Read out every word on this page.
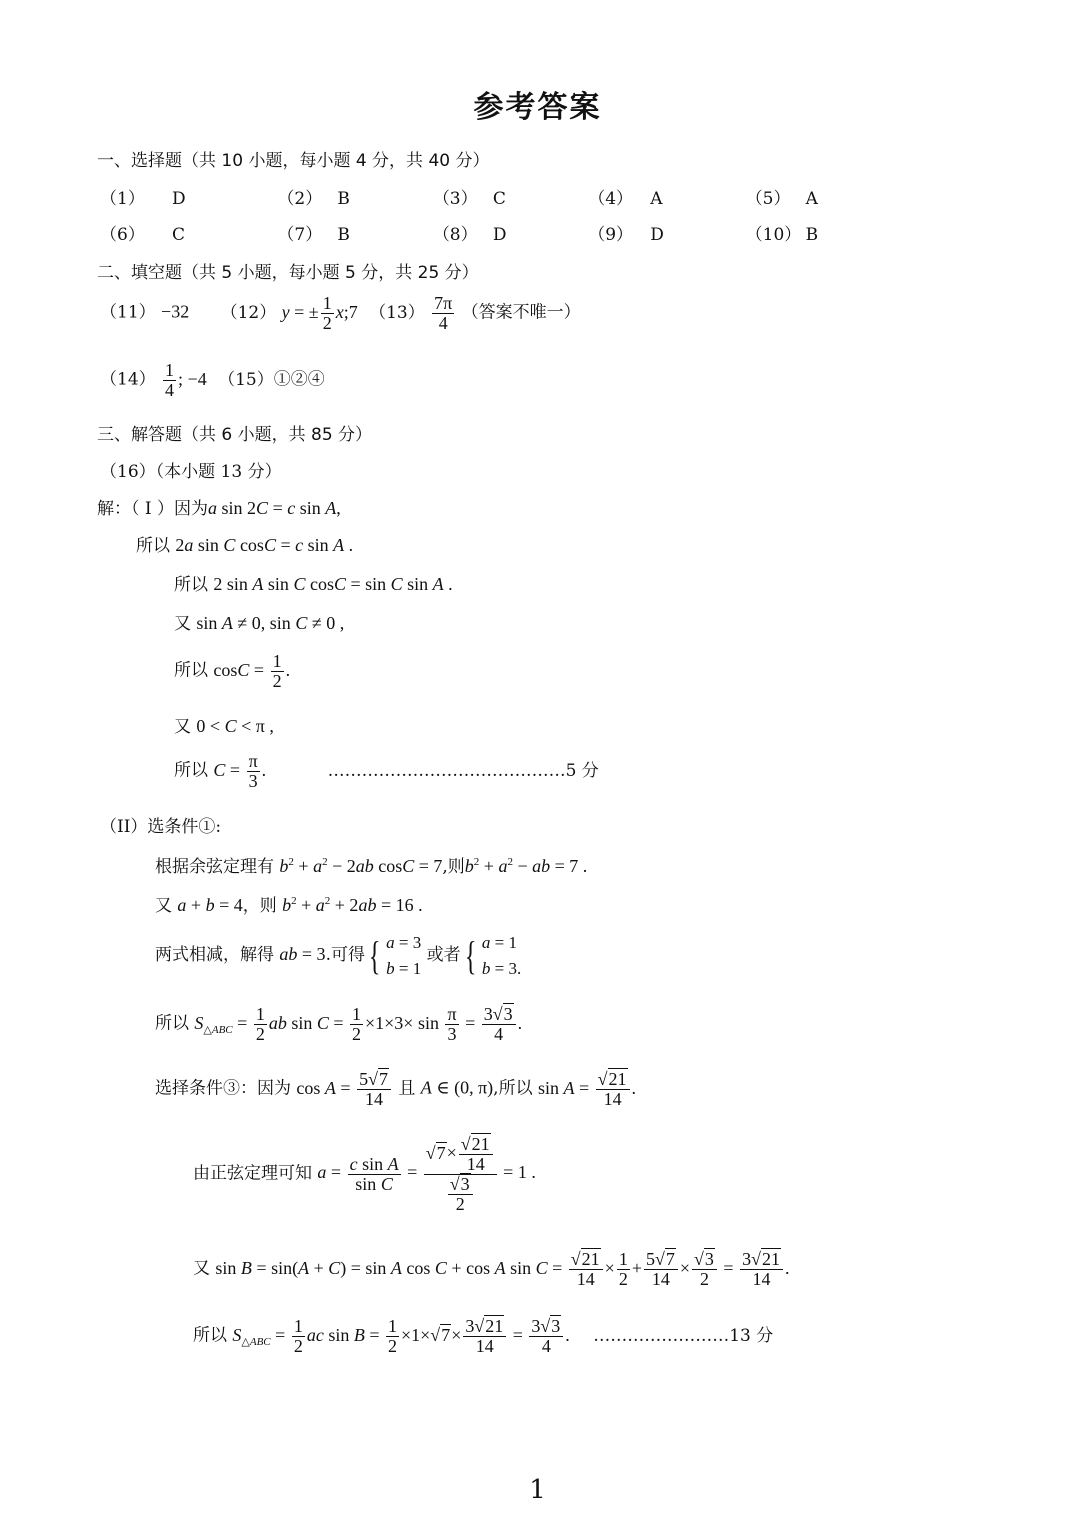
参考答案
一、选择题（共 10 小题，每小题 4 分，共 40 分）
（1） D	（2） B	（3） C	（4） A	（5） A
（6） C	（7） B	（8） D	（9） D	（10） B
二、填空题（共 5 小题，每小题 5 分，共 25 分）
（11） −32 （12） y = ± $\frac{1}{2}$ x;7 $(13) \frac{7\pi}{4}$ （答案不唯一）
$(14) \frac{1}{4}$ ; −4 （15）①②④
三、解答题（共 6 小题，共 85 分）
（16）（本小题 13 分）
解：（ I ）因为a sin 2C = c sin A,
所以 2a sin C cosC = c sin A .
所以 2 sin A sin C cosC = sin C sin A .
又 sin A ≠ 0, sin C ≠ 0 ,
所以 $\cos C = \frac{1}{2}$ .
又 0 < C < π ,
所以 $C = \frac{\pi}{3}$ .	……………………………………5 分
（II）选条件①:
根据余弦定理有 $b^2 + a^2 - 2ab$ cosC = 7,则$b^2 + a^2$ − ab = 7 .
又 a + b = 4，则 $b^2 + a^2 + 2ab = 16$ .
两式相减，解得 ab = 3.可得 { a = 3
b = 1
或者 { a = 1
b = 3.
所以 $S_{\triangle ABC} = \frac{1}{2}$ ab $\sin C = \frac{1}{2} \times 1\times 3\times \sin \frac{\pi}{3} = \frac{3√3}{4}$ .
选择条件③：因为 $\cos A = \frac{5√7}{14}$ 且 A ∈ (0, π),所以 $\sin A = \frac{√21}{14}$ .
由正弦定理可知 $a = \frac{\text{c sin A}}{\text{sin C}} = \frac{√7\times \frac{√21}{14}}{\frac{√3}{2}} = 1$ .
又 sin B = sin(A + C) = sin A cos C + cos A $\sin C = \frac{√21}{14} \times \frac{1}{2} + \frac{5√7}{14} \times \frac{√3}{2} = \frac{3√21}{14}$ .
所以 $S_{\triangle ABC} = \frac{1}{2}$ ac $\sin B = \frac{1}{2} \times 1\times√7\times \frac{3√21}{14} = \frac{3√3}{4}$ . ……………………13 分
1
